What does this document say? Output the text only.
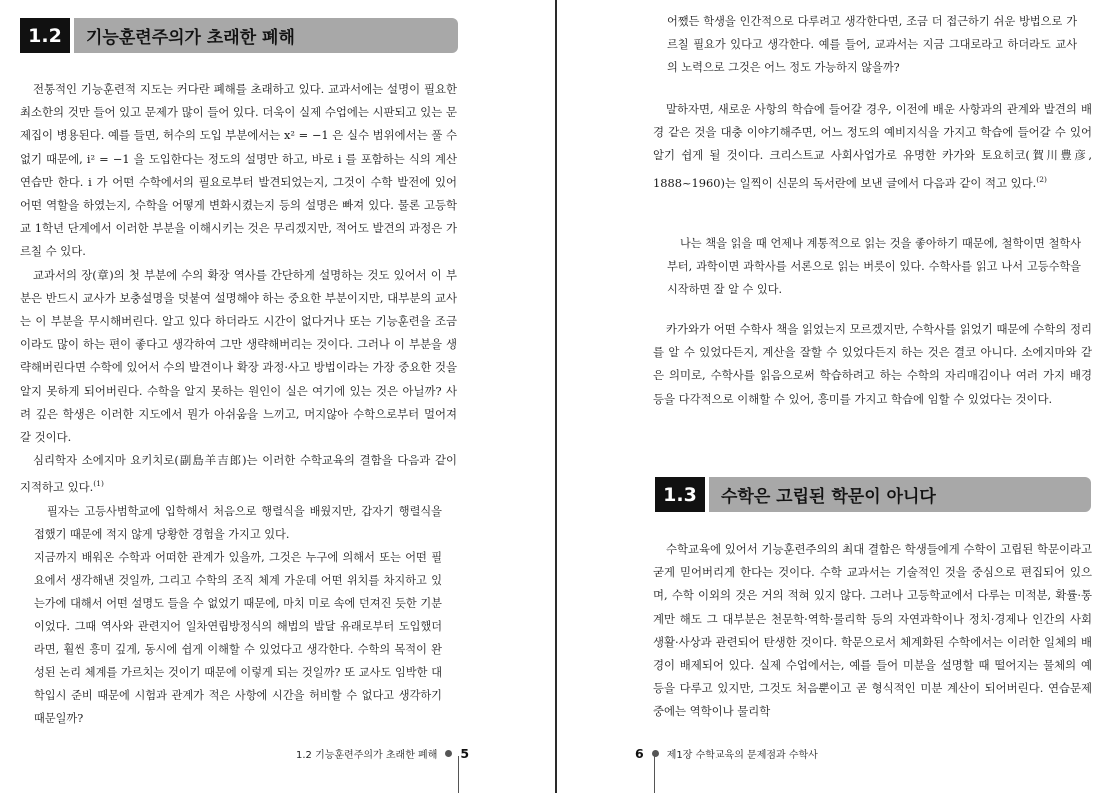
1.2	기능훈련주의가 초래한 폐해

전통적인 기능훈련적 지도는 커다란 폐해를 초래하고 있다. 교과서에는 설명이 필요한 최소한의 것만 들어 있고 문제가 많이 들어 있다. 더욱이 실제 수업에는 시판되고 있는 문제집이 병용된다. 예를 들면, 허수의 도입 부분에서는 x² = −1 은 실수 범위에서는 풀 수 없기 때문에, i² = −1 을 도입한다는 정도의 설명만 하고, 바로 i 를 포함하는 식의 계산 연습만 한다. i 가 어떤 수학에서의 필요로부터 발견되었는지, 그것이 수학 발전에 있어 어떤 역할을 하였는지, 수학을 어떻게 변화시켰는지 등의 설명은 빠져 있다. 물론 고등학교 1학년 단계에서 이러한 부분을 이해시키는 것은 무리겠지만, 적어도 발견의 과정은 가르칠 수 있다.

교과서의 장(章)의 첫 부분에 수의 확장 역사를 간단하게 설명하는 것도 있어서 이 부분은 반드시 교사가 보충설명을 덧붙여 설명해야 하는 중요한 부분이지만, 대부분의 교사는 이 부분을 무시해버린다. 알고 있다 하더라도 시간이 없다거나 또는 기능훈련을 조금이라도 많이 하는 편이 좋다고 생각하여 그만 생략해버리는 것이다. 그러나 이 부분을 생략해버린다면 수학에 있어서 수의 발견이나 확장 과정·사고 방법이라는 가장 중요한 것을 알지 못하게 되어버린다. 수학을 알지 못하는 원인이 실은 여기에 있는 것은 아닐까? 사려 깊은 학생은 이러한 지도에서 뭔가 아쉬움을 느끼고, 머지않아 수학으로부터 멀어져 갈 것이다.

심리학자 소에지마 요키치로(副島羊吉郎)는 이러한 수학교육의 결함을 다음과 같이 지적하고 있다.$^{(1)}$

필자는 고등사범학교에 입학해서 처음으로 행렬식을 배웠지만, 갑자기 행렬식을 접했기 때문에 적지 않게 당황한 경험을 가지고 있다.

지금까지 배워온 수학과 어떠한 관계가 있을까, 그것은 누구에 의해서 또는 어떤 필요에서 생각해낸 것일까, 그리고 수학의 조직 체계 가운데 어떤 위치를 차지하고 있는가에 대해서 어떤 설명도 들을 수 없었기 때문에, 마치 미로 속에 던져진 듯한 기분이었다. 그때 역사와 관련지어 일차연립방정식의 해법의 발달 유래로부터 도입했더라면, 훨씬 흥미 깊게, 동시에 쉽게 이해할 수 있었다고 생각한다. 수학의 목적이 완성된 논리 체계를 가르치는 것이기 때문에 이렇게 되는 것일까? 또 교사도 임박한 대학입시 준비 때문에 시험과 관계가 적은 사항에 시간을 허비할 수 없다고 생각하기 때문일까?

1.2 기능훈련주의가 초래한 폐해 5

어쨌든 학생을 인간적으로 다루려고 생각한다면, 조금 더 접근하기 쉬운 방법으로 가르칠 필요가 있다고 생각한다. 예를 들어, 교과서는 지금 그대로라고 하더라도 교사의 노력으로 그것은 어느 정도 가능하지 않을까?

말하자면, 새로운 사항의 학습에 들어갈 경우, 이전에 배운 사항과의 관계와 발견의 배경 같은 것을 대충 이야기해주면, 어느 정도의 예비지식을 가지고 학습에 들어갈 수 있어 알기 쉽게 될 것이다. 크리스트교 사회사업가로 유명한 카가와 토요히코(賀川豊彦, 1888~1960)는 일찍이 신문의 독서란에 보낸 글에서 다음과 같이 적고 있다.$^{(2)}$

나는 책을 읽을 때 언제나 계통적으로 읽는 것을 좋아하기 때문에, 철학이면 철학사부터, 과학이면 과학사를 서론으로 읽는 버릇이 있다. 수학사를 읽고 나서 고등수학을 시작하면 잘 알 수 있다.

카가와가 어떤 수학사 책을 읽었는지 모르겠지만, 수학사를 읽었기 때문에 수학의 정리를 알 수 있었다든지, 계산을 잘할 수 있었다든지 하는 것은 결코 아니다. 소에지마와 같은 의미로, 수학사를 읽음으로써 학습하려고 하는 수학의 자리매김이나 여러 가지 배경 등을 다각적으로 이해할 수 있어, 흥미를 가지고 학습에 임할 수 있었다는 것이다.

1.3	수학은 고립된 학문이 아니다

수학교육에 있어서 기능훈련주의의 최대 결함은 학생들에게 수학이 고립된 학문이라고 굳게 믿어버리게 한다는 것이다. 수학 교과서는 기술적인 것을 중심으로 편집되어 있으며, 수학 이외의 것은 거의 적혀 있지 않다. 그러나 고등학교에서 다루는 미적분, 확률·통계만 해도 그 대부분은 천문학·역학·물리학 등의 자연과학이나 정치·경제나 인간의 사회생활·사상과 관련되어 탄생한 것이다. 학문으로서 체계화된 수학에서는 이러한 일체의 배경이 배제되어 있다. 실제 수업에서는, 예를 들어 미분을 설명할 때 떨어지는 물체의 예 등을 다루고 있지만, 그것도 처음뿐이고 곧 형식적인 미분 계산이 되어버린다. 연습문제 중에는 역학이나 물리학

6 제1장 수학교육의 문제점과 수학사
